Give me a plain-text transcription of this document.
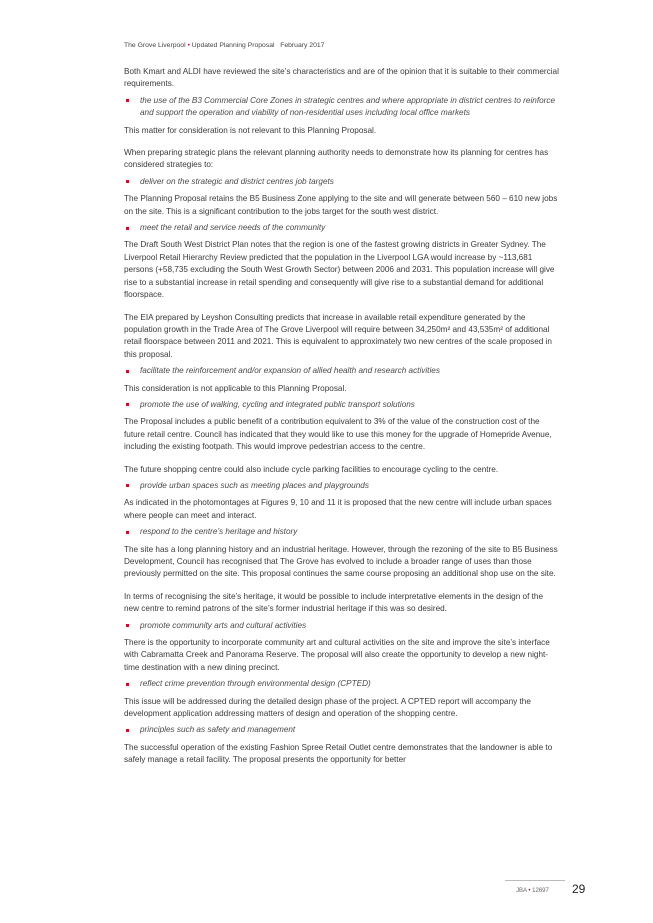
The Grove Liverpool • Updated Planning Proposal February 2017

Both Kmart and ALDI have reviewed the site’s characteristics and are of the opinion that it is suitable to their commercial requirements.

the use of the B3 Commercial Core Zones in strategic centres and where appropriate in district centres to reinforce and support the operation and viability of non-residential uses including local office markets

This matter for consideration is not relevant to this Planning Proposal.

When preparing strategic plans the relevant planning authority needs to demonstrate how its planning for centres has considered strategies to:

deliver on the strategic and district centres job targets

The Planning Proposal retains the B5 Business Zone applying to the site and will generate between 560 – 610 new jobs on the site. This is a significant contribution to the jobs target for the south west district.

meet the retail and service needs of the community

The Draft South West District Plan notes that the region is one of the fastest growing districts in Greater Sydney. The Liverpool Retail Hierarchy Review predicted that the population in the Liverpool LGA would increase by ~113,681 persons (+58,735 excluding the South West Growth Sector) between 2006 and 2031. This population increase will give rise to a substantial increase in retail spending and consequently will give rise to a substantial demand for additional floorspace.

The EIA prepared by Leyshon Consulting predicts that increase in available retail expenditure generated by the population growth in the Trade Area of The Grove Liverpool will require between 34,250m² and 43,535m² of additional retail floorspace between 2011 and 2021. This is equivalent to approximately two new centres of the scale proposed in this proposal.

facilitate the reinforcement and/or expansion of allied health and research activities

This consideration is not applicable to this Planning Proposal.

promote the use of walking, cycling and integrated public transport solutions

The Proposal includes a public benefit of a contribution equivalent to 3% of the value of the construction cost of the future retail centre. Council has indicated that they would like to use this money for the upgrade of Homepride Avenue, including the existing footpath. This would improve pedestrian access to the centre.

The future shopping centre could also include cycle parking facilities to encourage cycling to the centre.

provide urban spaces such as meeting places and playgrounds

As indicated in the photomontages at Figures 9, 10 and 11 it is proposed that the new centre will include urban spaces where people can meet and interact.

respond to the centre’s heritage and history

The site has a long planning history and an industrial heritage. However, through the rezoning of the site to B5 Business Development, Council has recognised that The Grove has evolved to include a broader range of uses than those previously permitted on the site. This proposal continues the same course proposing an additional shop use on the site.

In terms of recognising the site’s heritage, it would be possible to include interpretative elements in the design of the new centre to remind patrons of the site’s former industrial heritage if this was so desired.

promote community arts and cultural activities

There is the opportunity to incorporate community art and cultural activities on the site and improve the site’s interface with Cabramatta Creek and Panorama Reserve. The proposal will also create the opportunity to develop a new night-time destination with a new dining precinct.

reflect crime prevention through environmental design (CPTED)

This issue will be addressed during the detailed design phase of the project. A CPTED report will accompany the development application addressing matters of design and operation of the shopping centre.

principles such as safety and management

The successful operation of the existing Fashion Spree Retail Outlet centre demonstrates that the landowner is able to safely manage a retail facility. The proposal presents the opportunity for better

JBA • 12697 29
